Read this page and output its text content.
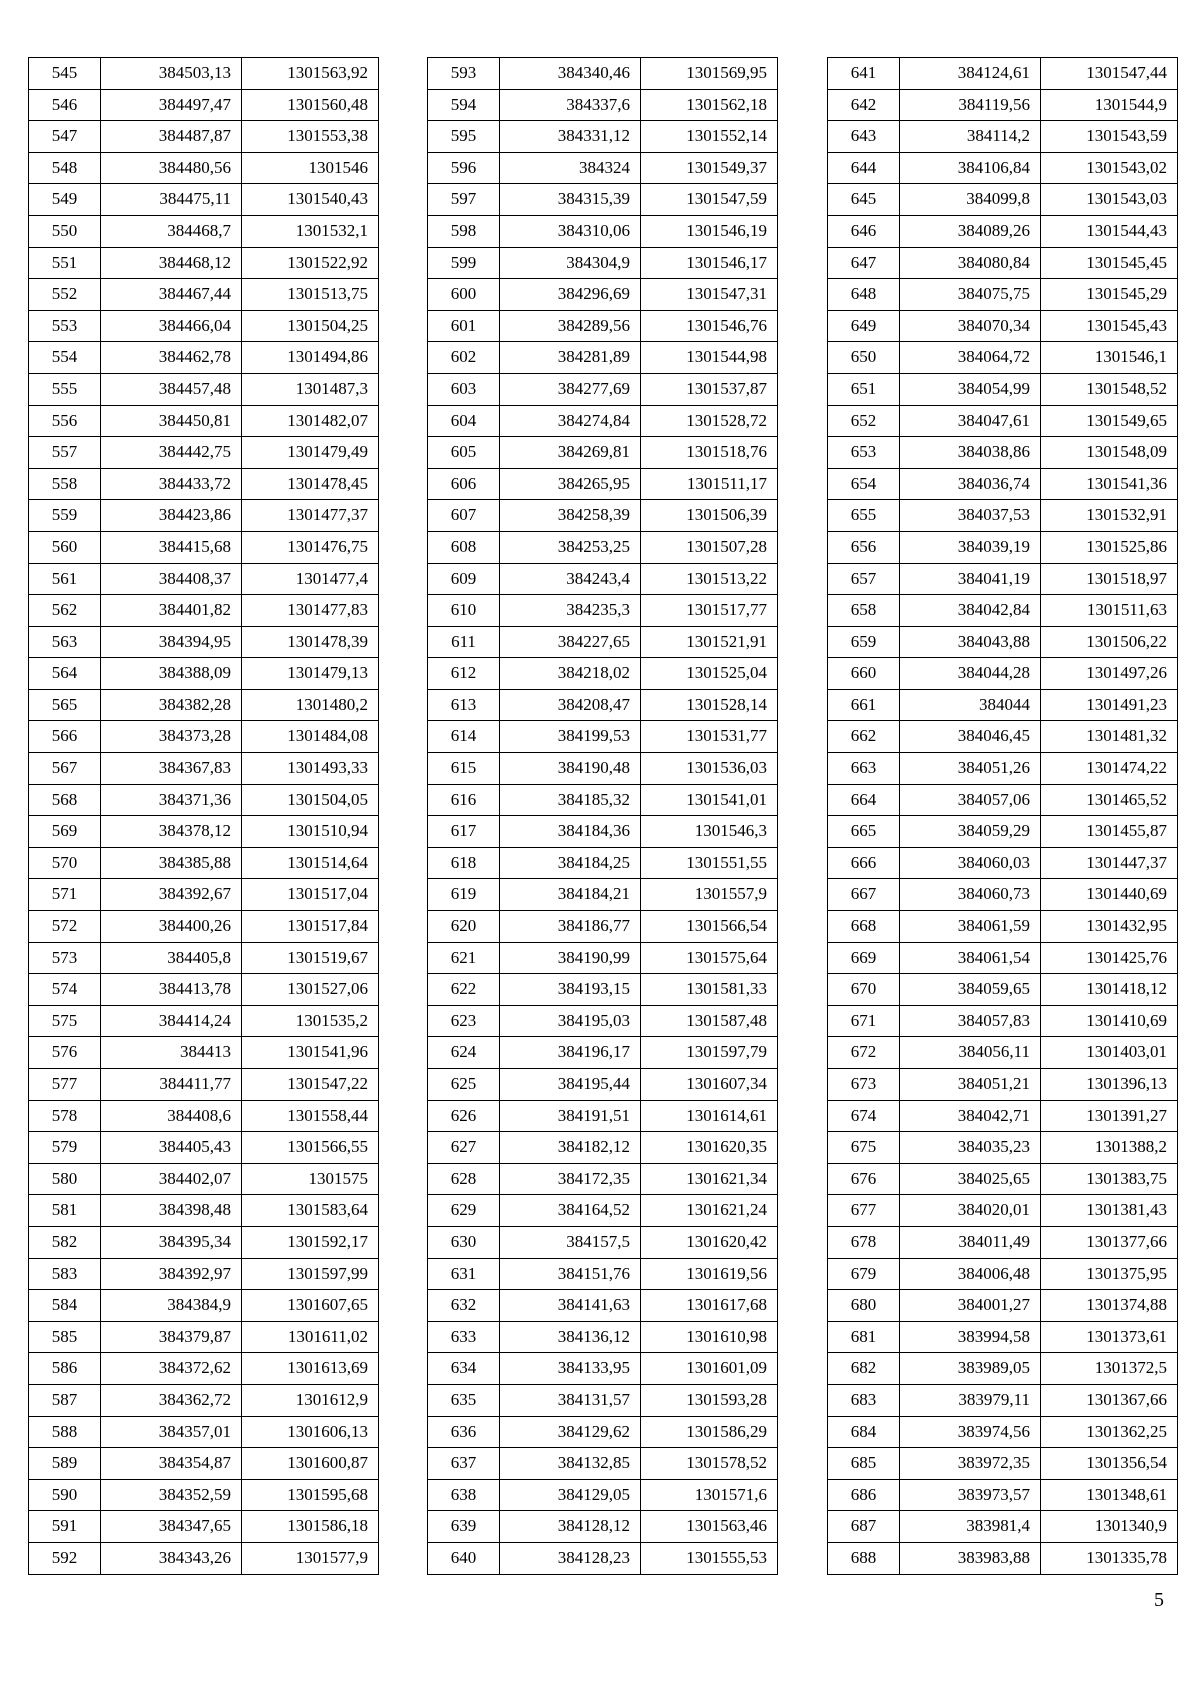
545	384503,13	1301563,92
546	384497,47	1301560,48
547	384487,87	1301553,38
548	384480,56	1301546
549	384475,11	1301540,43
550	384468,7	1301532,1
551	384468,12	1301522,92
552	384467,44	1301513,75
553	384466,04	1301504,25
554	384462,78	1301494,86
555	384457,48	1301487,3
556	384450,81	1301482,07
557	384442,75	1301479,49
558	384433,72	1301478,45
559	384423,86	1301477,37
560	384415,68	1301476,75
561	384408,37	1301477,4
562	384401,82	1301477,83
563	384394,95	1301478,39
564	384388,09	1301479,13
565	384382,28	1301480,2
566	384373,28	1301484,08
567	384367,83	1301493,33
568	384371,36	1301504,05
569	384378,12	1301510,94
570	384385,88	1301514,64
571	384392,67	1301517,04
572	384400,26	1301517,84
573	384405,8	1301519,67
574	384413,78	1301527,06
575	384414,24	1301535,2
576	384413	1301541,96
577	384411,77	1301547,22
578	384408,6	1301558,44
579	384405,43	1301566,55
580	384402,07	1301575
581	384398,48	1301583,64
582	384395,34	1301592,17
583	384392,97	1301597,99
584	384384,9	1301607,65
585	384379,87	1301611,02
586	384372,62	1301613,69
587	384362,72	1301612,9
588	384357,01	1301606,13
589	384354,87	1301600,87
590	384352,59	1301595,68
591	384347,65	1301586,18
592	384343,26	1301577,9
593	384340,46	1301569,95
594	384337,6	1301562,18
595	384331,12	1301552,14
596	384324	1301549,37
597	384315,39	1301547,59
598	384310,06	1301546,19
599	384304,9	1301546,17
600	384296,69	1301547,31
601	384289,56	1301546,76
602	384281,89	1301544,98
603	384277,69	1301537,87
604	384274,84	1301528,72
605	384269,81	1301518,76
606	384265,95	1301511,17
607	384258,39	1301506,39
608	384253,25	1301507,28
609	384243,4	1301513,22
610	384235,3	1301517,77
611	384227,65	1301521,91
612	384218,02	1301525,04
613	384208,47	1301528,14
614	384199,53	1301531,77
615	384190,48	1301536,03
616	384185,32	1301541,01
617	384184,36	1301546,3
618	384184,25	1301551,55
619	384184,21	1301557,9
620	384186,77	1301566,54
621	384190,99	1301575,64
622	384193,15	1301581,33
623	384195,03	1301587,48
624	384196,17	1301597,79
625	384195,44	1301607,34
626	384191,51	1301614,61
627	384182,12	1301620,35
628	384172,35	1301621,34
629	384164,52	1301621,24
630	384157,5	1301620,42
631	384151,76	1301619,56
632	384141,63	1301617,68
633	384136,12	1301610,98
634	384133,95	1301601,09
635	384131,57	1301593,28
636	384129,62	1301586,29
637	384132,85	1301578,52
638	384129,05	1301571,6
639	384128,12	1301563,46
640	384128,23	1301555,53
641	384124,61	1301547,44
642	384119,56	1301544,9
643	384114,2	1301543,59
644	384106,84	1301543,02
645	384099,8	1301543,03
646	384089,26	1301544,43
647	384080,84	1301545,45
648	384075,75	1301545,29
649	384070,34	1301545,43
650	384064,72	1301546,1
651	384054,99	1301548,52
652	384047,61	1301549,65
653	384038,86	1301548,09
654	384036,74	1301541,36
655	384037,53	1301532,91
656	384039,19	1301525,86
657	384041,19	1301518,97
658	384042,84	1301511,63
659	384043,88	1301506,22
660	384044,28	1301497,26
661	384044	1301491,23
662	384046,45	1301481,32
663	384051,26	1301474,22
664	384057,06	1301465,52
665	384059,29	1301455,87
666	384060,03	1301447,37
667	384060,73	1301440,69
668	384061,59	1301432,95
669	384061,54	1301425,76
670	384059,65	1301418,12
671	384057,83	1301410,69
672	384056,11	1301403,01
673	384051,21	1301396,13
674	384042,71	1301391,27
675	384035,23	1301388,2
676	384025,65	1301383,75
677	384020,01	1301381,43
678	384011,49	1301377,66
679	384006,48	1301375,95
680	384001,27	1301374,88
681	383994,58	1301373,61
682	383989,05	1301372,5
683	383979,11	1301367,66
684	383974,56	1301362,25
685	383972,35	1301356,54
686	383973,57	1301348,61
687	383981,4	1301340,9
688	383983,88	1301335,78
5
